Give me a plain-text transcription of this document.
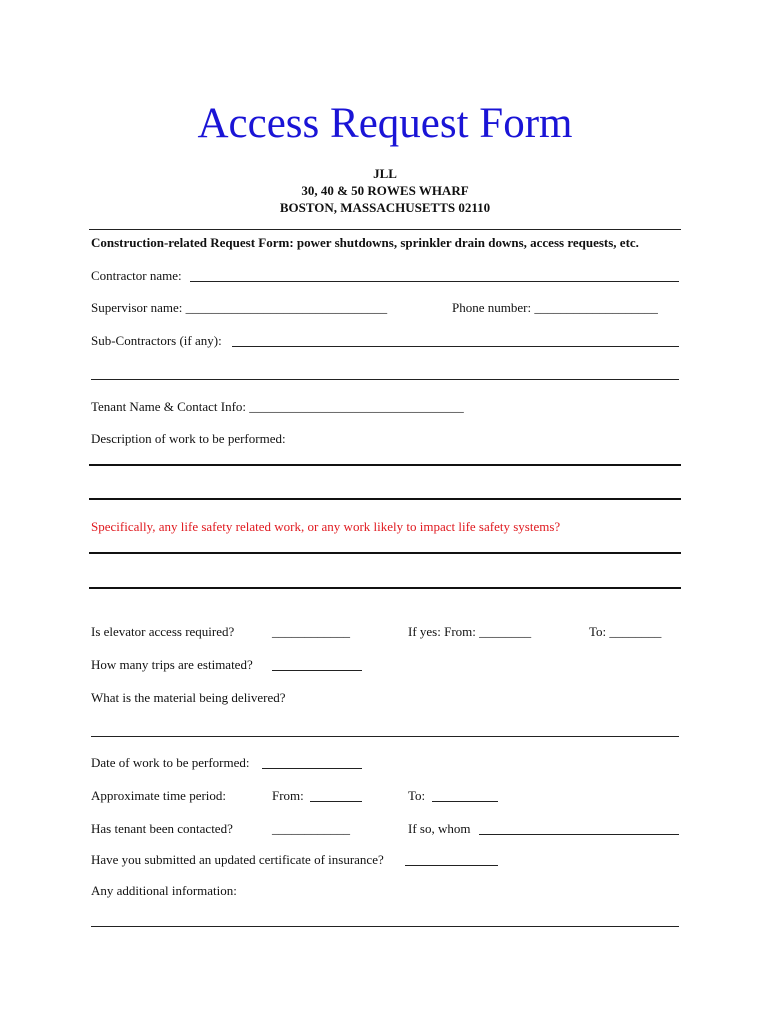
Access Request Form
JLL
30, 40 & 50 ROWES WHARF
BOSTON, MASSACHUSETTS 02110
Construction-related Request Form: power shutdowns, sprinkler drain downs, access requests, etc.
Contractor name:
Supervisor name: _______________________________	Phone number: ___________________
Sub-Contractors (if any):
Tenant Name & Contact Info: _________________________________
Description of work to be performed:
Specifically, any life safety related work, or any work likely to impact life safety systems?
Is elevator access required?	____________	If yes: From: ________	To: ________
How many trips are estimated?
What is the material being delivered?
Date of work to be performed:
Approximate time period:	From:	To:
Has tenant been contacted?	____________	If so, whom
Have you submitted an updated certificate of insurance?
Any additional information:
